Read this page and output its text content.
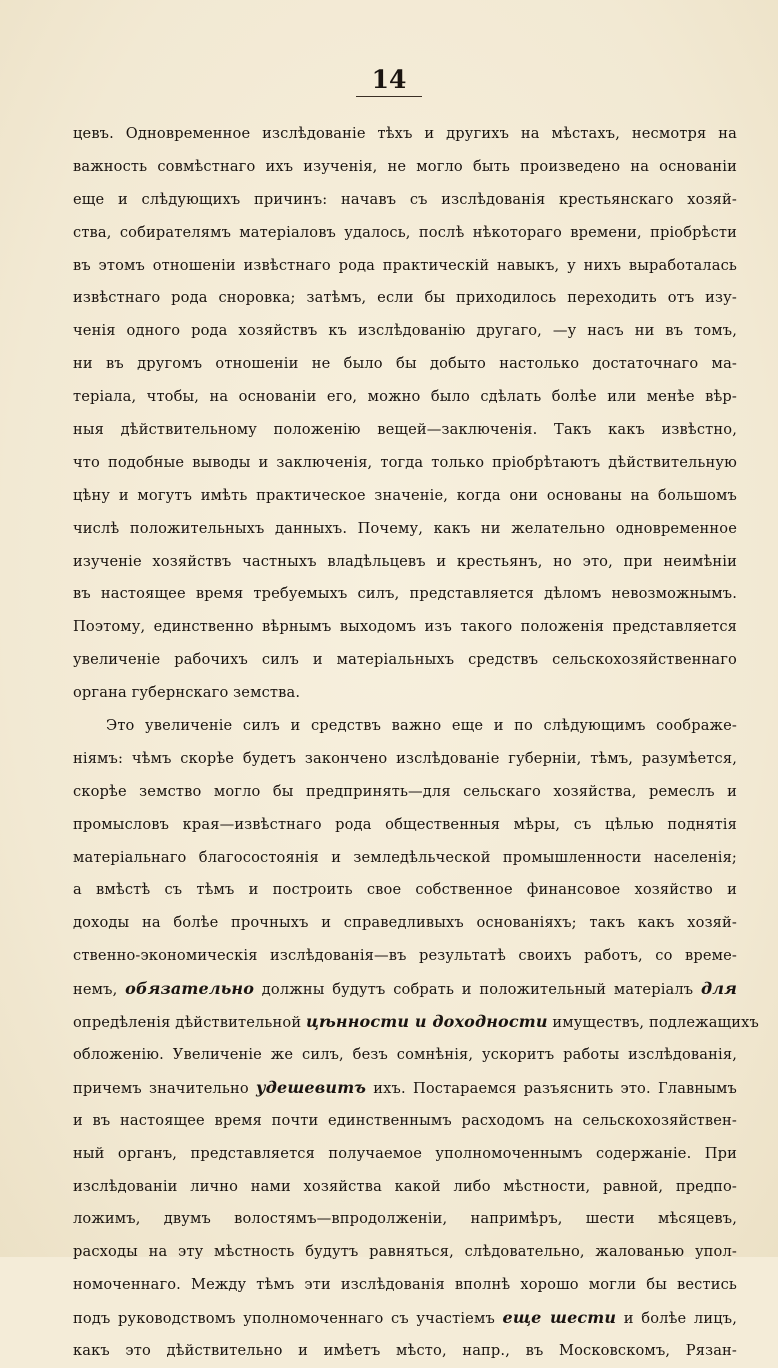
14
цевъ. Одновременное изслѣдованіе тѣхъ и другихъ на мѣстахъ, несмотря на
важность совмѣстнаго ихъ изученія, не могло быть произведено на основаніи
еще и слѣдующихъ причинъ: начавъ съ изслѣдованія крестьянскаго хозяй-
ства, собирателямъ матеріаловъ удалось, послѣ нѣкотораго времени, пріобрѣсти
въ этомъ отношеніи извѣстнаго рода практическій навыкъ, у нихъ выработалась
извѣстнаго рода сноровка; затѣмъ, если бы приходилось переходить отъ изу-
ченія одного рода хозяйствъ къ изслѣдованію другаго, —у насъ ни въ томъ,
ни въ другомъ отношеніи не было бы добыто настолько достаточнаго ма-
теріала, чтобы, на основаніи его, можно было сдѣлать болѣе или менѣе вѣр-
ныя дѣйствительному положенію вещей—заключенія. Такъ какъ извѣстно,
что подобные выводы и заключенія, тогда только пріобрѣтаютъ дѣйствительную
цѣну и могутъ имѣть практическое значеніе, когда они основаны на большомъ
числѣ положительныхъ данныхъ. Почему, какъ ни желательно одновременное
изученіе хозяйствъ частныхъ владѣльцевъ и крестьянъ, но это, при неимѣніи
въ настоящее время требуемыхъ силъ, представляется дѣломъ невозможнымъ.
Поэтому, единственно вѣрнымъ выходомъ изъ такого положенія представляется
увеличеніе рабочихъ силъ и матеріальныхъ средствъ сельскохозяйственнаго
органа губернскаго земства.
Это увеличеніе силъ и средствъ важно еще и по слѣдующимъ соображе-
ніямъ: чѣмъ скорѣе будетъ закончено изслѣдованіе губерніи, тѣмъ, разумѣется,
скорѣе земство могло бы предпринять—для сельскаго хозяйства, ремеслъ и
промысловъ края—извѣстнаго рода общественныя мѣры, съ цѣлью поднятія
матеріальнаго благосостоянія и земледѣльческой промышленности населенія;
а вмѣстѣ съ тѣмъ и построить свое собственное финансовое хозяйство и
доходы на болѣе прочныхъ и справедливыхъ основаніяхъ; такъ какъ хозяй-
ственно-экономическія изслѣдованія—въ результатѣ своихъ работъ, со време-
немъ, обязательно должны будутъ собрать и положительный матеріалъ для
опредѣленія дѣйствительной цѣнности и доходности имуществъ, подлежащихъ
обложенію. Увеличеніе же силъ, безъ сомнѣнія, ускоритъ работы изслѣдованія,
причемъ значительно удешевитъ ихъ. Постараемся разъяснить это. Главнымъ
и въ настоящее время почти единственнымъ расходомъ на сельскохозяйствен-
ный органъ, представляется получаемое уполномоченнымъ содержаніе. При
изслѣдованіи лично нами хозяйства какой либо мѣстности, равной, предпо-
ложимъ, двумъ волостямъ—впродолженіи, напримѣръ, шести мѣсяцевъ,
расходы на эту мѣстность будутъ равняться, слѣдовательно, жалованью упол-
номоченнаго. Между тѣмъ эти изслѣдованія вполнѣ хорошо могли бы вестись
подъ руководствомъ уполномоченнаго съ участіемъ еще шести и болѣе лицъ,
какъ это дѣйствительно и имѣетъ мѣсто, напр., въ Московскомъ, Рязан-
